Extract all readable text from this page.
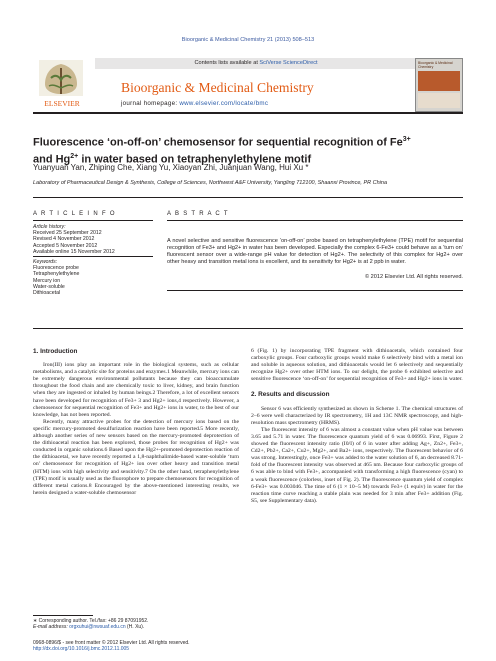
Bioorganic & Medicinal Chemistry 21 (2013) 508–513
ELSEVIER
Contents lists available at SciVerse ScienceDirect
Bioorganic & Medicinal Chemistry
journal homepage: www.elsevier.com/locate/bmc
Bioorganic & Medicinal Chemistry
Fluorescence ‘on-off-on’ chemosensor for sequential recognition of $Fe^{3+}$
and $Hg^{2+}$ in water based on tetraphenylethylene motif
Yuanyuan Yan, Zhiping Che, Xiang Yu, Xiaoyan Zhi, Juanjuan Wang, Hui Xu *
Laboratory of Pharmaceutical Design & Synthesis, College of Sciences, Northwest A&F University, Yangling 712100, Shaanxi Province, PR China
A R T I C L E I N F O	A B S T R A C T
Article history:
Received 25 September 2012
Revised 4 November 2012
Accepted 5 November 2012
Available online 15 November 2012
Keywords:
Fluorescence probe
Tetraphenylethylene
Mercury ion
Water-soluble
Dithioacetal
A novel selective and sensitive fluorescence ‘on-off-on’ probe based on tetraphenylethylene (TPE) motif for sequential recognition of Fe3+ and Hg2+ in water has been developed. Especially the complex 6-Fe3+ could behave as a ‘turn on’ fluorescent sensor over a wide-range pH value for detection of Hg2+. The selectivity of this complex for Hg2+ over other heavy and transition metal ions is excellent, and its sensitivity for Hg2+ is at 2 ppb in water.
© 2012 Elsevier Ltd. All rights reserved.
1. Introduction

Iron(III) ions play an important role in the biological systems, such as cellular metabolisms, and a catalytic site for proteins and enzymes.1 Meanwhile, mercury ions can be extremely dangerous environmental pollutants because they can bioaccumulate throughout the food chain and are chemically toxic to liver, kidney, and brain function when they are ingested or inhaled by human beings.2 Therefore, a lot of excellent sensors have been developed for recognition of Fe3+ 3 and Hg2+ ions,4 respectively. However, a chemosensor for sequential recognition of Fe3+ and Hg2+ ions in water, to the best of our knowledge, has not been reported.

Recently, many attractive probes for the detection of mercury ions based on the specific mercury-promoted desulfurization reaction have been reported.5 More recently, although another series of new sensors based on the mercury-promoted deprotection of the dithioacetal reaction has been explored, those probes for recognition of Hg2+ was conducted in organic solutions.6 Based upon the Hg2+-promoted deprotection reaction of the dithioacetal, we have recently reported a 1,8-naphthalimide-based water-soluble ‘turn on’ chemosensor for recognition of Hg2+ ion over other heavy and transition metal (HTM) ions with high selectivity and sensitivity.7 On the other hand, tetraphenylethylene (TPE) motif is usually used as the fluorophore to prepare chemosensors for recognition of different metal cations.8 Encouraged by the above-mentioned interesting results, we herein designed a water-soluble chemosensor

6 (Fig. 1) by incorporating TPE fragment with dithioacetals, which contained four carboxylic groups. Four carboxylic groups would make 6 selectively bind with a metal ion and soluble in aqueous solution, and dithioacetals would let 6 selectively and sequentially recognize Hg2+ over other HTM ions. To our delight, the probe 6 exhibited selective and sensitive fluorescence ‘on-off-on’ for sequential recognition of Fe3+ and Hg2+ ions in water.

2. Results and discussion

Sensor 6 was efficiently synthesized as shown in Scheme 1. The chemical structures of 2–6 were well characterized by IR spectrometry, 1H and 13C NMR spectroscopy, and high-resolution mass spectrometry (HRMS).

The fluorescent intensity of 6 was almost a constant value when pH value was between 3.65 and 5.71 in water. The fluorescence quantum yield of 6 was 0.06993. First, Figure 2 showed the fluorescent intensity ratio (I0/I) of 6 in water after adding Ag+, Zn2+, Fe3+, Cd2+, Pb2+, Ca2+, Cu2+, Mg2+, and Ba2+ ions, respectively. The fluorescent behavior of 6 was strong. Interestingly, once Fe3+ was added to the water solution of 6, an decreased 8.71-fold of the fluorescent intensity was observed at 465 nm. Because four carboxylic groups of 6 was able to bind with Fe3+, accompanied with transforming a high fluorescence (cyan) to a weak fluorescence (colorless, inset of Fig. 2). The fluorescence quantum yield of complex 6-Fe3+ was 0.003046. The time of 6 (1 × 10−5 M) towards Fe3+ (1 equiv) in water for the reaction time curve reaching a stable plain was needed for 3 min after Fe3+ addition (Fig. S5, see Supplementary data).

∗ Corresponding author. Tel./fax: +86 29 87091952.
E-mail address: orgxuhui@nwsuaf.edu.cn (H. Xu).
0968-0896/$ - see front matter © 2012 Elsevier Ltd. All rights reserved.
http://dx.doi.org/10.1016/j.bmc.2012.11.005
